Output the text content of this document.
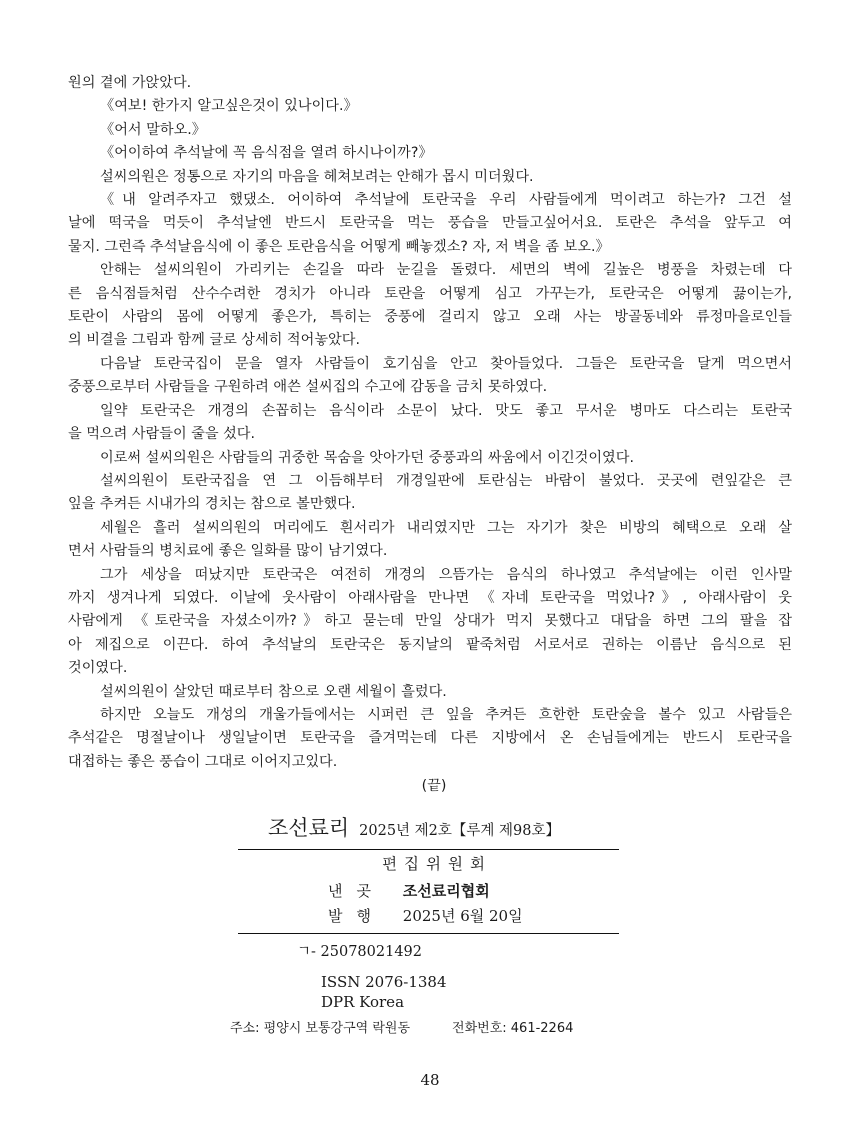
원의 곁에 가앉았다.
《여보! 한가지 알고싶은것이 있나이다.》
《어서 말하오.》
《어이하여 추석날에 꼭 음식점을 열려 하시나이까?》
설씨의원은 정통으로 자기의 마음을 헤쳐보려는 안해가 몹시 미더웠다.
《내 알려주자고 했댔소. 어이하여 추석날에 토란국을 우리 사람들에게 먹이려고 하는가? 그건 설
날에 떡국을 먹듯이 추석날엔 반드시 토란국을 먹는 풍습을 만들고싶어서요. 토란은 추석을 앞두고 여
물지. 그런즉 추석날음식에 이 좋은 토란음식을 어떻게 빼놓겠소? 자, 저 벽을 좀 보오.》
안해는 설씨의원이 가리키는 손길을 따라 눈길을 돌렸다. 세면의 벽에 길높은 병풍을 차렸는데 다
른 음식점들처럼 산수수려한 경치가 아니라 토란을 어떻게 심고 가꾸는가, 토란국은 어떻게 끓이는가,
토란이 사람의 몸에 어떻게 좋은가, 특히는 중풍에 걸리지 않고 오래 사는 방골동네와 류정마을로인들
의 비결을 그림과 함께 글로 상세히 적어놓았다.
다음날 토란국집이 문을 열자 사람들이 호기심을 안고 찾아들었다. 그들은 토란국을 달게 먹으면서
중풍으로부터 사람들을 구원하려 애쓴 설씨집의 수고에 감동을 금치 못하였다.
일약 토란국은 개경의 손꼽히는 음식이라 소문이 났다. 맛도 좋고 무서운 병마도 다스리는 토란국
을 먹으려 사람들이 줄을 섰다.
이로써 설씨의원은 사람들의 귀중한 목숨을 앗아가던 중풍과의 싸움에서 이긴것이였다.
설씨의원이 토란국집을 연 그 이듬해부터 개경일판에 토란심는 바람이 불었다. 곳곳에 련잎같은 큰
잎을 추켜든 시내가의 경치는 참으로 볼만했다.
세월은 흘러 설씨의원의 머리에도 흰서리가 내리였지만 그는 자기가 찾은 비방의 혜택으로 오래 살
면서 사람들의 병치료에 좋은 일화를 많이 남기였다.
그가 세상을 떠났지만 토란국은 여전히 개경의 으뜸가는 음식의 하나였고 추석날에는 이런 인사말
까지 생겨나게 되였다. 이날에 웃사람이 아래사람을 만나면 《자네 토란국을 먹었나?》, 아래사람이 웃
사람에게 《토란국을 자셨소이까?》하고 묻는데 만일 상대가 먹지 못했다고 대답을 하면 그의 팔을 잡
아 제집으로 이끈다. 하여 추석날의 토란국은 동지날의 팥죽처럼 서로서로 권하는 이름난 음식으로 된
것이였다.
설씨의원이 살았던 때로부터 참으로 오랜 세월이 흘렀다.
하지만 오늘도 개성의 개울가들에서는 시퍼런 큰 잎을 추켜든 흐한한 토란숲을 볼수 있고 사람들은
추석같은 명절날이나 생일날이면 토란국을 즐겨먹는데 다른 지방에서 온 손님들에게는 반드시 토란국을
대접하는 좋은 풍습이 그대로 이어지고있다.
(끝)
조선료리 2025년 제2호【루계 제98호】
편집위원회
낸곳 조선료리협회
발행 2025년 6월 20일
ㄱ- 25078021492
ISSN 2076-1384
DPR Korea
주소: 평양시 보통강구역 락원동	전화번호: 461-2264
48
